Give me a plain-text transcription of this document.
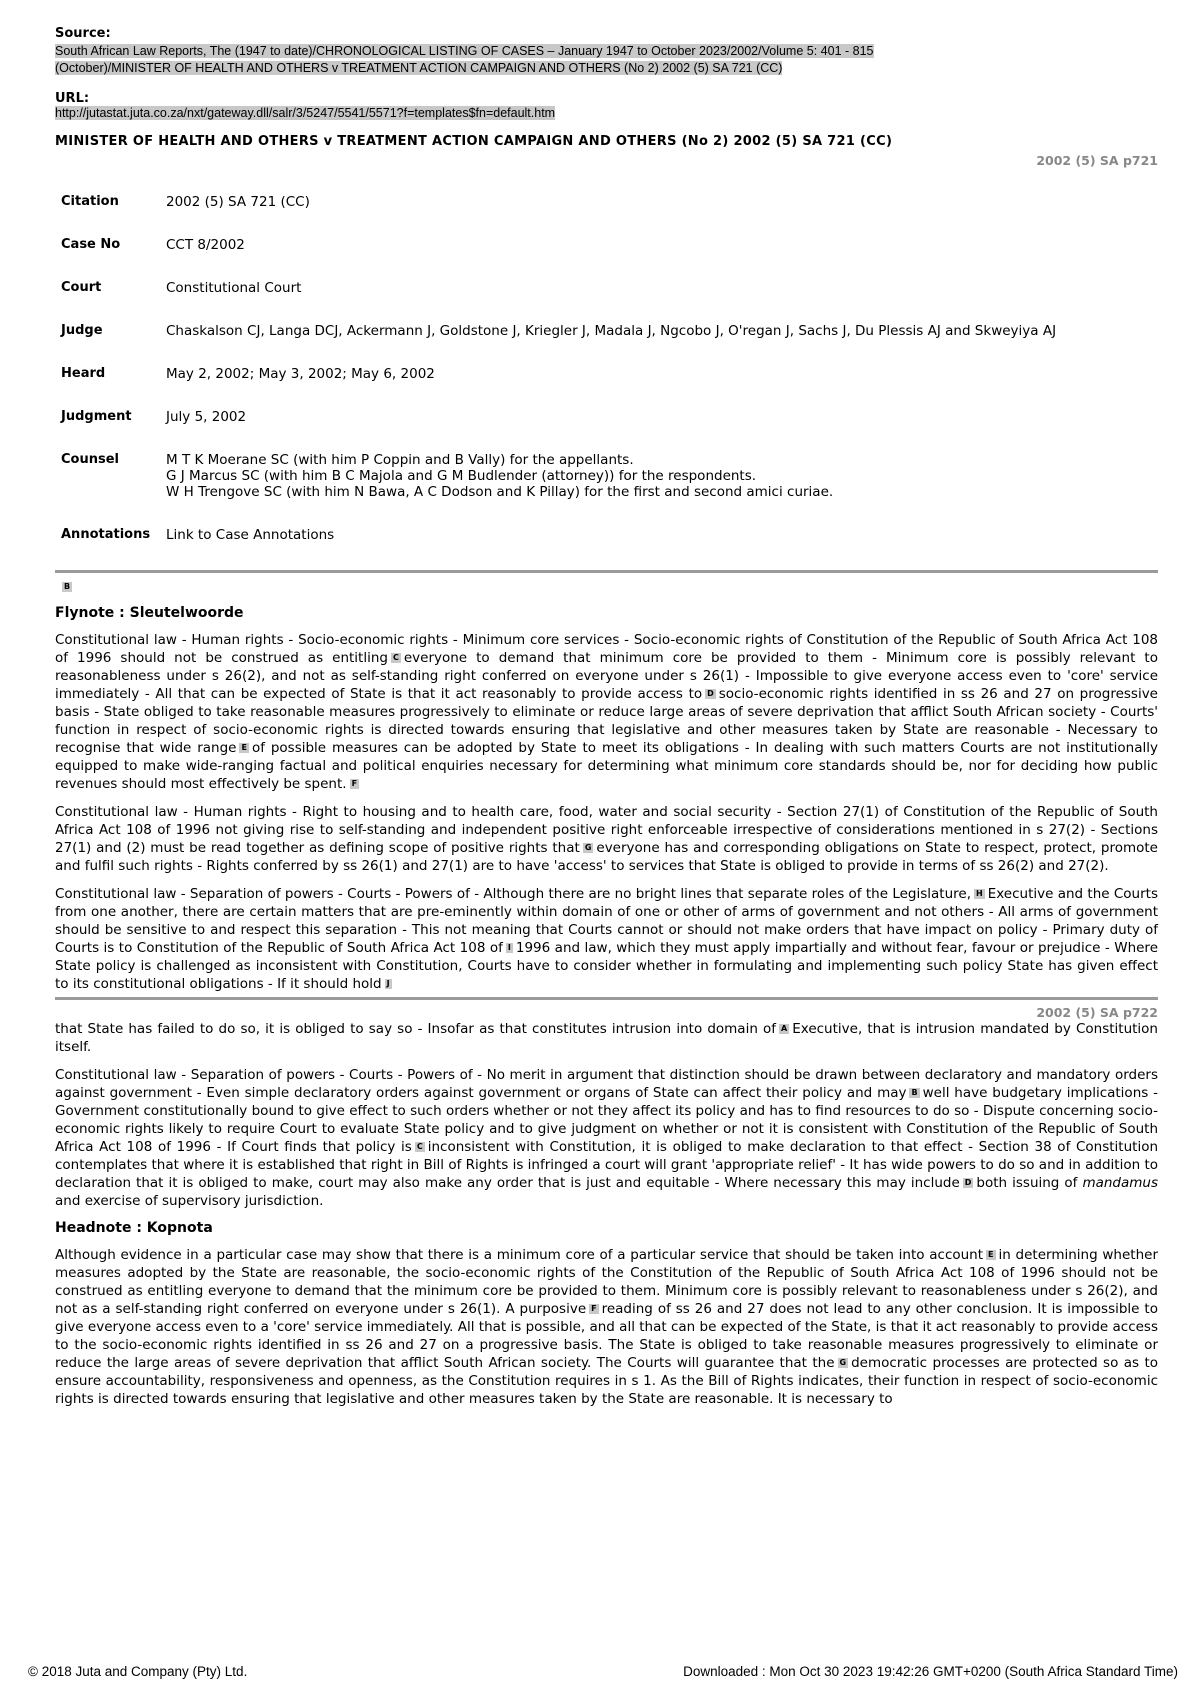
Source:

South African Law Reports, The (1947 to date)/CHRONOLOGICAL LISTING OF CASES – January 1947 to October 2023/2002/Volume 5: 401 - 815
(October)/MINISTER OF HEALTH AND OTHERS v TREATMENT ACTION CAMPAIGN AND OTHERS (No 2) 2002 (5) SA 721 (CC)

URL:

http://jutastat.juta.co.za/nxt/gateway.dll/salr/3/5247/5541/5571?f=templates$fn=default.htm
MINISTER OF HEALTH AND OTHERS v TREATMENT ACTION CAMPAIGN AND OTHERS (No 2) 2002 (5) SA 721 (CC)
2002 (5) SA p721
Citation	2002 (5) SA 721 (CC)
Case No	CCT 8/2002
Court	Constitutional Court
Judge	Chaskalson CJ, Langa DCJ, Ackermann J, Goldstone J, Kriegler J, Madala J, Ngcobo J, O'regan J, Sachs J, Du Plessis AJ and Skweyiya AJ
Heard	May 2, 2002; May 3, 2002; May 6, 2002
Judgment	July 5, 2002
Counsel	M T K Moerane SC (with him P Coppin and B Vally) for the appellants.
G J Marcus SC (with him B C Majola and G M Budlender (attorney)) for the respondents.
W H Trengove SC (with him N Bawa, A C Dodson and K Pillay) for the first and second amici curiae.
Annotations	Link to Case Annotations
B
Flynote : Sleutelwoorde

Constitutional law - Human rights - Socio-economic rights - Minimum core services - Socio-economic rights of Constitution of the Republic of South Africa Act 108 of 1996 should not be construed as entitling C everyone to demand that minimum core be provided to them - Minimum core is possibly relevant to reasonableness under s 26(2), and not as self-standing right conferred on everyone under s 26(1) - Impossible to give everyone access even to 'core' service immediately - All that can be expected of State is that it act reasonably to provide access to D socio-economic rights identified in ss 26 and 27 on progressive basis - State obliged to take reasonable measures progressively to eliminate or reduce large areas of severe deprivation that afflict South African society - Courts' function in respect of socio-economic rights is directed towards ensuring that legislative and other measures taken by State are reasonable - Necessary to recognise that wide range E of possible measures can be adopted by State to meet its obligations - In dealing with such matters Courts are not institutionally equipped to make wide-ranging factual and political enquiries necessary for determining what minimum core standards should be, nor for deciding how public revenues should most effectively be spent. F

Constitutional law - Human rights - Right to housing and to health care, food, water and social security - Section 27(1) of Constitution of the Republic of South Africa Act 108 of 1996 not giving rise to self-standing and independent positive right enforceable irrespective of considerations mentioned in s 27(2) - Sections 27(1) and (2) must be read together as defining scope of positive rights that G everyone has and corresponding obligations on State to respect, protect, promote and fulfil such rights - Rights conferred by ss 26(1) and 27(1) are to have 'access' to services that State is obliged to provide in terms of ss 26(2) and 27(2).

Constitutional law - Separation of powers - Courts - Powers of - Although there are no bright lines that separate roles of the Legislature, H Executive and the Courts from one another, there are certain matters that are pre-eminently within domain of one or other of arms of government and not others - All arms of government should be sensitive to and respect this separation - This not meaning that Courts cannot or should not make orders that have impact on policy - Primary duty of Courts is to Constitution of the Republic of South Africa Act 108 of I 1996 and law, which they must apply impartially and without fear, favour or prejudice - Where State policy is challenged as inconsistent with Constitution, Courts have to consider whether in formulating and implementing such policy State has given effect to its constitutional obligations - If it should hold J

2002 (5) SA p722

that State has failed to do so, it is obliged to say so - Insofar as that constitutes intrusion into domain of A Executive, that is intrusion mandated by Constitution itself.

Constitutional law - Separation of powers - Courts - Powers of - No merit in argument that distinction should be drawn between declaratory and mandatory orders against government - Even simple declaratory orders against government or organs of State can affect their policy and may B well have budgetary implications - Government constitutionally bound to give effect to such orders whether or not they affect its policy and has to find resources to do so - Dispute concerning socio-economic rights likely to require Court to evaluate State policy and to give judgment on whether or not it is consistent with Constitution of the Republic of South Africa Act 108 of 1996 - If Court finds that policy is C inconsistent with Constitution, it is obliged to make declaration to that effect - Section 38 of Constitution contemplates that where it is established that right in Bill of Rights is infringed a court will grant 'appropriate relief' - It has wide powers to do so and in addition to declaration that it is obliged to make, court may also make any order that is just and equitable - Where necessary this may include D both issuing of mandamus and exercise of supervisory jurisdiction.

Headnote : Kopnota

Although evidence in a particular case may show that there is a minimum core of a particular service that should be taken into account E in determining whether measures adopted by the State are reasonable, the socio-economic rights of the Constitution of the Republic of South Africa Act 108 of 1996 should not be construed as entitling everyone to demand that the minimum core be provided to them. Minimum core is possibly relevant to reasonableness under s 26(2), and not as a self-standing right conferred on everyone under s 26(1). A purposive F reading of ss 26 and 27 does not lead to any other conclusion. It is impossible to give everyone access even to a 'core' service immediately. All that is possible, and all that can be expected of the State, is that it act reasonably to provide access to the socio-economic rights identified in ss 26 and 27 on a progressive basis. The State is obliged to take reasonable measures progressively to eliminate or reduce the large areas of severe deprivation that afflict South African society. The Courts will guarantee that the G democratic processes are protected so as to ensure accountability, responsiveness and openness, as the Constitution requires in s 1. As the Bill of Rights indicates, their function in respect of socio-economic rights is directed towards ensuring that legislative and other measures taken by the State are reasonable. It is necessary to

© 2018 Juta and Company (Pty) Ltd.	Downloaded : Mon Oct 30 2023 19:42:26 GMT+0200 (South Africa Standard Time)
